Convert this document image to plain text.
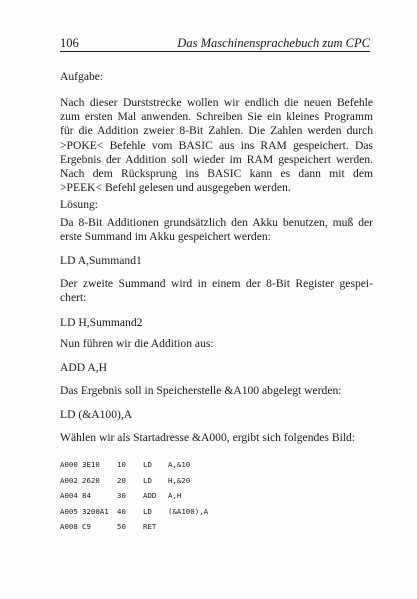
106	Das Maschinensprachebuch zum CPC
Aufgabe:
Nach dieser Durststrecke wollen wir endlich die neuen Befehle
zum ersten Mal anwenden. Schreiben Sie ein kleines Programm
für die Addition zweier 8-Bit Zahlen. Die Zahlen werden durch
>POKE< Befehle vom BASIC aus ins RAM gespeichert. Das
Ergebnis der Addition soll wieder im RAM gespeichert werden.
Nach dem Rücksprung ins BASIC kann es dann mit dem
>PEEK< Befehl gelesen und ausgegeben werden.
Lösung:
Da 8-Bit Additionen grundsätzlich den Akku benutzen, muß der
erste Summand im Akku gespeichert werden:
LD A,Summand1
Der zweite Summand wird in einem der 8-Bit Register gespei-
chert:
LD H,Summand2
Nun führen wir die Addition aus:
ADD A,H
Das Ergebnis soll in Speicherstelle &A100 abgelegt werden:
LD (&A100),A
Wählen wir als Startadresse &A000, ergibt sich folgendes Bild:
A000 3E10 10 LD A,&10
A002 2620 20 LD H,&20
A004 84	30 ADD A,H
A005 3200A1 40 LD (&A100),A
A008 C9	50 RET
